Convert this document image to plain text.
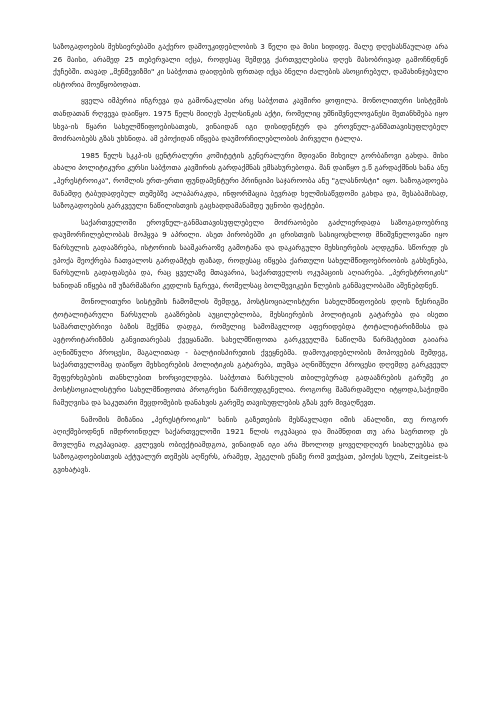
საზოგადოების მეხსიერებაში გაქერო დამოუკიდებლობის 3 წელი და მისი სიდიდე. მალე დღესასწაულად არა 26 მაისი, არამედ 25 თებერვალი იქცა, როდესაც შემდეგ ქართველებისა დღეს მასობრივად გამოჩნდნენ ქუჩებში. თავად „მენშევიზმი" კი საბჭოთა დაიდების ფრთად იქცა ბნელი ძალების ასოცირებულ, დამახინჯებული ისტორია მოეწყობოდათ.

ყველა იმპერია ინგრევა და გამონაკლისი არც საბჭოთა კავშირი ყოფილა. მონოლითური სისტემის თანდათან რღვევა დაიწყო. 1975 წელს მიიღეს ჰელსინკის აქტი, რომელიც უმნიშვნელოვანესი შეთანხმება იყო სხვა-ის წყარი სახელმწიფოებისათვის, ვინაიდან იგი დისიდენტურ და ეროვნულ-განმათავისუფლებელ მოძრაობებს გზას უხსნიდა. ამ ეპოქიდან იწყება დაუმორჩილებლობის პირველი ტალღა.

1985 წელს სკკპ-ის ცენტრალური კომიტეტის გენერალური მდივანი მიხეილ გორბაჩოვი გახდა. მისი ახალი პოლიტიკური კურსი საბჭოთა კავშირის გარდაქმნას ემსახურებოდა. მან დაიწყო ე.წ გარდაქმნის ხანა ანუ „პერესტროიკა", რომლის ერთ-ერთი ფუნდამენტური პრინციპი საჯაროობა ანუ "გლასნოსტი" იყო. საზოგადოება მანამდე ტაბუდადებულ თემებზე ალაპარაკდა, ინფორმაცია ბევრად ხელმისაწვდომი გახდა და, შესაბამისად, საზოგადოების გარკვეული ნაწილისთვის გაცხადდამანამდე უცნობი ფაქტები.

საქართველოში ეროვნულ-განმათავისუფლებელი მოძრაობები გაძლიერდადა საზოგადოებრივ დაუმორჩილებლობას მოჰყვა 9 აპრილი. ასეთ პირობებში კი ცრისთვის სასიცოცხლოდ მნიშვნელოვანი იყო წარსულის გადააზრება, ისტორიის სააშკარაოზე გამოტანა და დაკარგული მეხსიერების აღდგენა. სწორედ ეს ეპოქა მეოქრება ჩათვალოს გარდამტეხ ფაზად, როდესაც იწყება ქართული სახელმწიფოებრიობის გახსენება, წარსულის გადაფასება და, რაც ყველაზე მთავარია, საქართველოს ოკუპაციის აღიარება. „პერესტროიკის" ხანიდან იწყება იმ უზარმაზარი კედლის ნგრევა, რომელსაც ბოლშევიკები წლების განმავლობაში აშენებდნენ.

მონოლითური სისტემის ჩამოშლის შემდეგ, პოსტსოციალისტური სახელმწიფოების დღის წესრიგში ტოტალიტარული წარსულის გააზრების აუცილებლობა, მეხსიერების პოლიტიკის გატარება და ისეთი საშართლებრივი ბაზის შექმნა დადგა, რომელიც სამომავლოდ აფერიდებდა ტოტალიტარიზმისა და ავტორიტარიზმის განვითარებას ქვეყანაში. სახელმწიფოთა გარკვეულმა ნაწილმა წარმატებით გაიარა აღნიშნული პროცესი, მაგალითად - ბალტიისპირეთის ქვეყნებმა. დამოუკიდებლობის მოპოვების შემდეგ, საქართველომაც დაიწყო მეხსიერების პოლიტიკის გატარება, თუმცა აღნიშნული პროცესი დღემდე გარკვეულ შეფერხებების თანხლებით ხორციელდება. საბჭოთა წარსულის თბილებურად გადააზრების გარეშე კი პოსტსოციალისტური სახელმწიფოთა პროგრესი წარმოუდგენელია. როგორც შამარდამელი იტყოდა,საჭიდში ჩამუღვისა და საკუთარი მეცდომების დანახვის გარეშე თავისუფლების გზას ვერ მივაღწევთ.

ნამომის მიზანია „პერესტროიკის" ხანის გაზეთების მესწავლადი იმის ანალიზი, თუ როგორ აღიქმებოდნენ იმდროინდელ საქართველოში 1921 წლის ოკუპაცია და მიამნდით თუ არა საერთოდ ეს მოვლენა ოკუპაციად. კვლევის ობიექტიამდგოა, ვინაიდან იგი არა მხოლოდ ყოველდღიურ სიახლეებსა და საზოგადოებისთვის აქტუალურ თემებს აღწერს, არამედ, ჰეგელის ენაზე რომ ვთქვათ, ეპოქის სულს, Zeitgeist-ს გვიხატავს.
